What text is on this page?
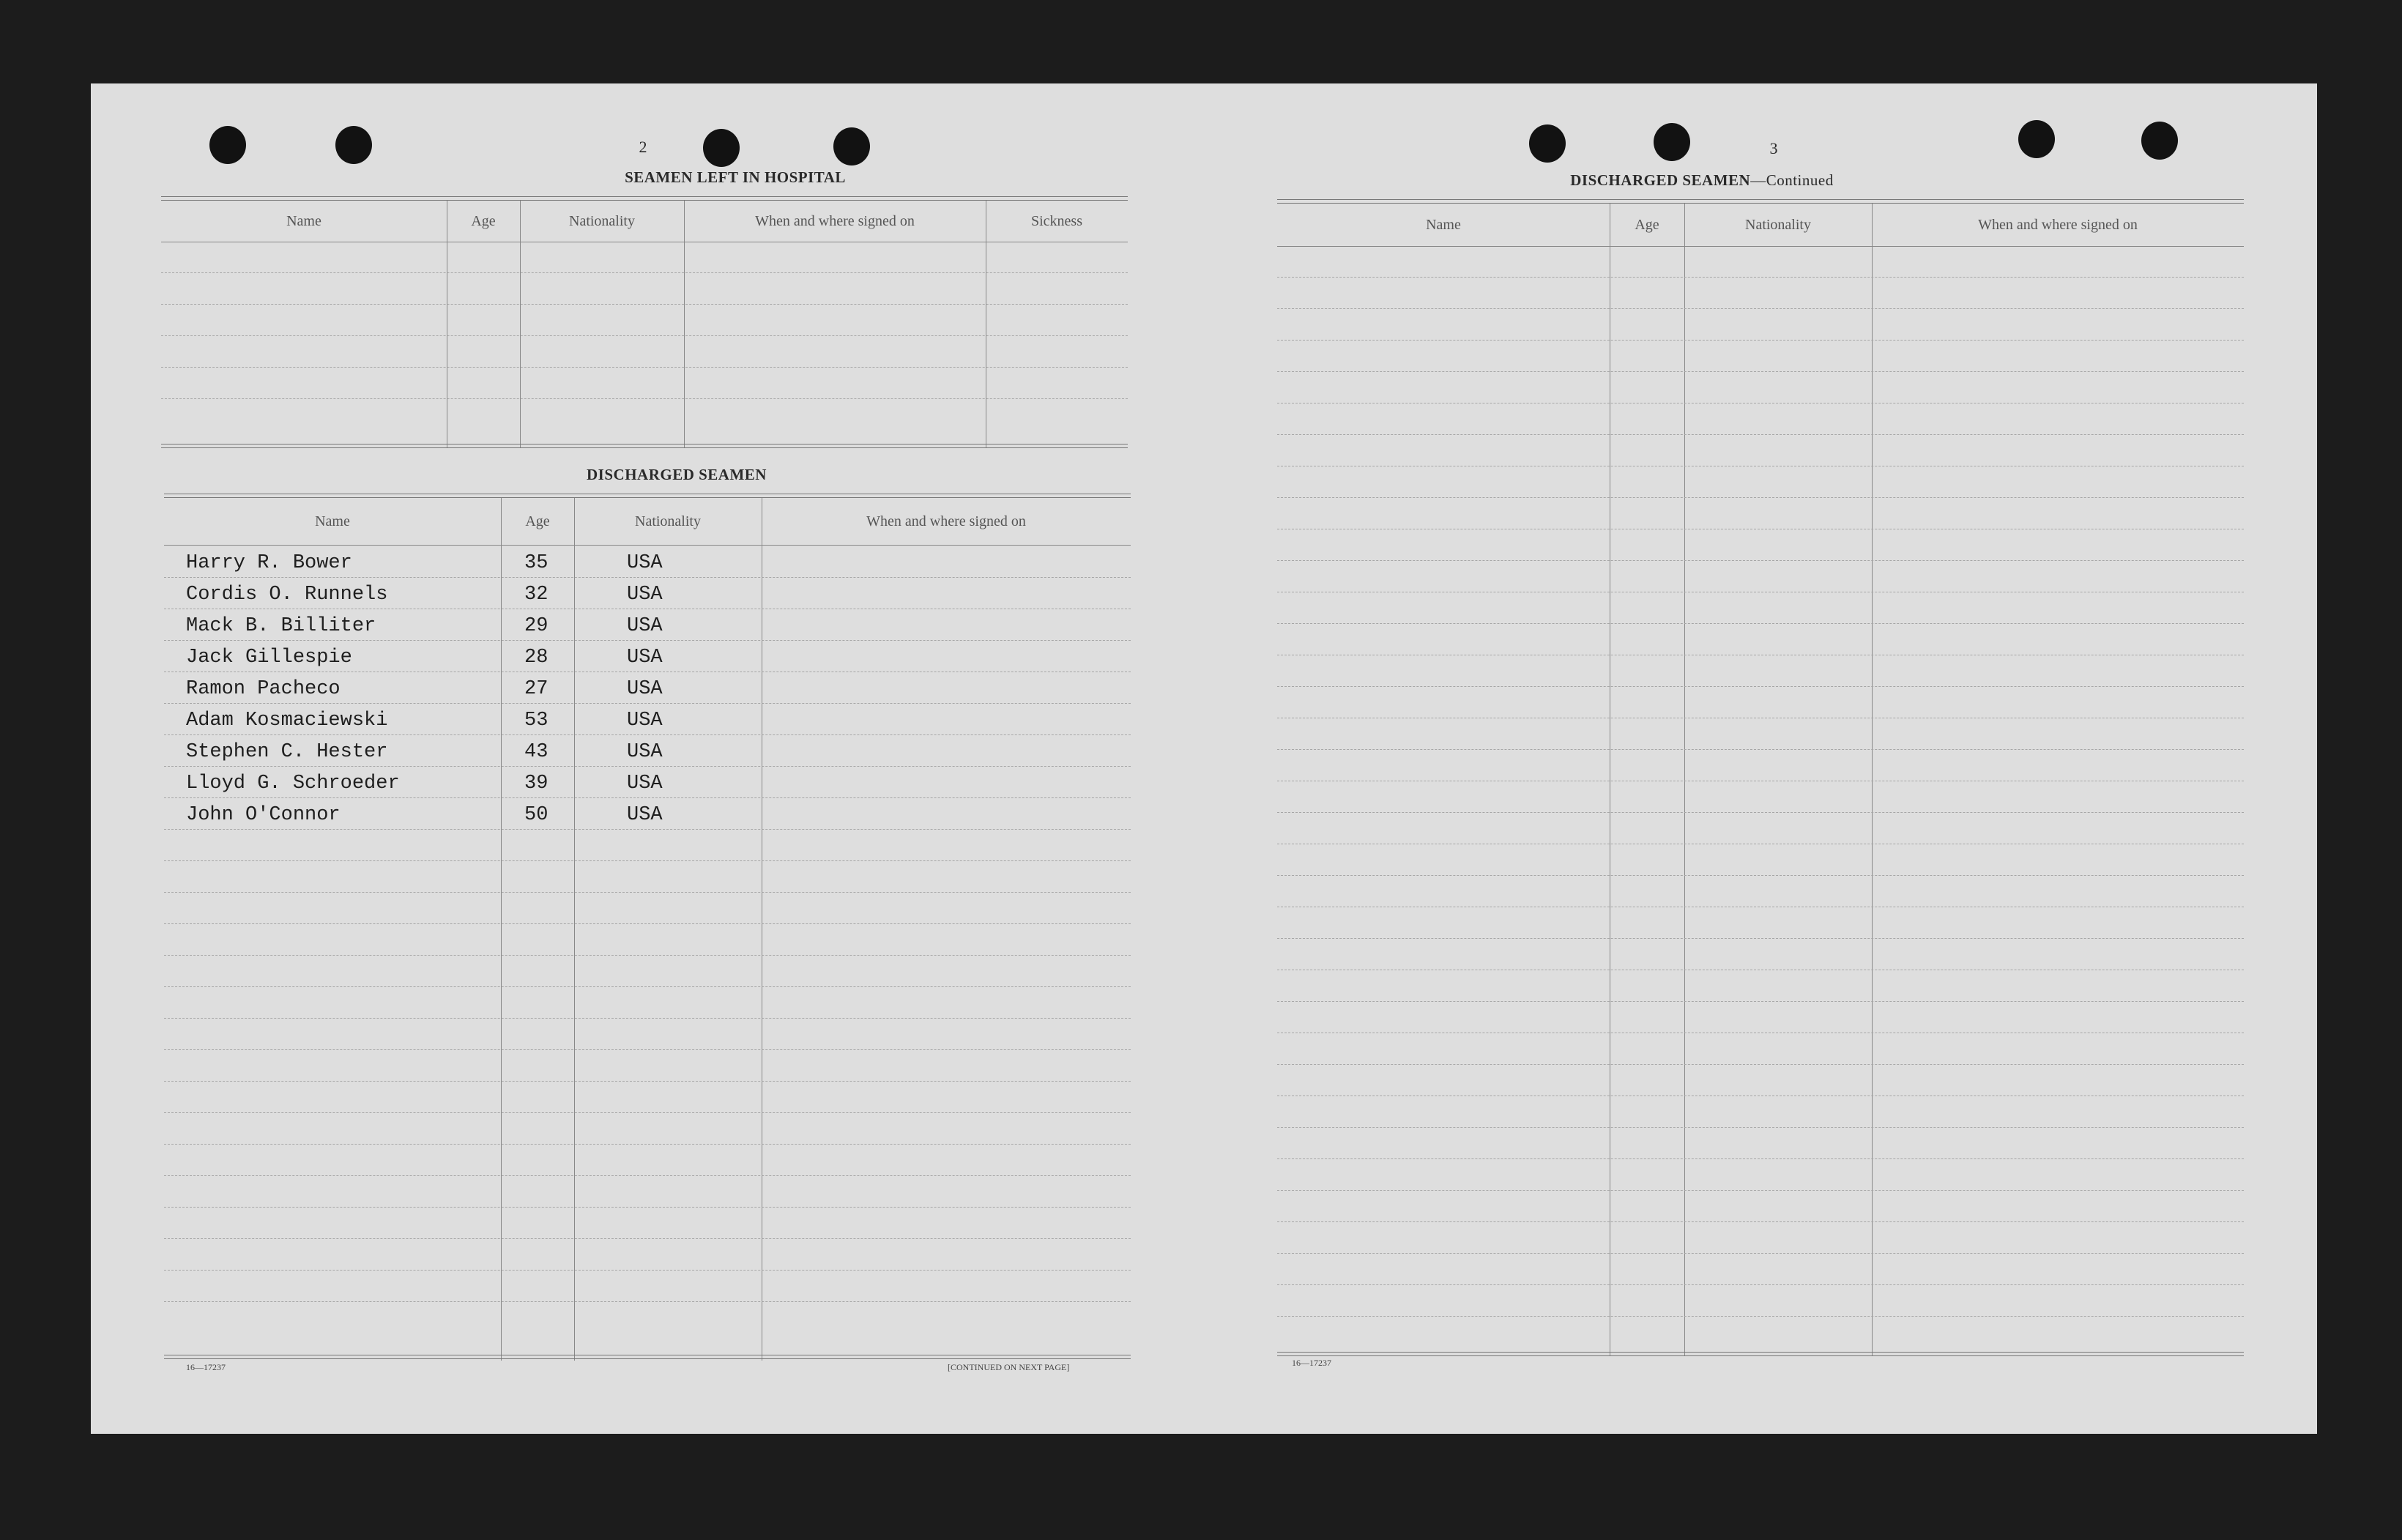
2
SEAMEN LEFT IN HOSPITAL
Name	Age	Nationality	When and where signed on	Sickness
DISCHARGED SEAMEN
Name	Age	Nationality	When and where signed on
Harry R. Bower	35	USA
Cordis O. Runnels	32	USA
Mack B. Billiter	29	USA
Jack Gillespie	28	USA
Ramon Pacheco	27	USA
Adam Kosmaciewski	53	USA
Stephen C. Hester	43	USA
Lloyd G. Schroeder	39	USA
John O'Connor	50	USA
16—17237	[CONTINUED ON NEXT PAGE]
3
DISCHARGED SEAMEN—Continued
Name	Age	Nationality	When and where signed on
16—17237
